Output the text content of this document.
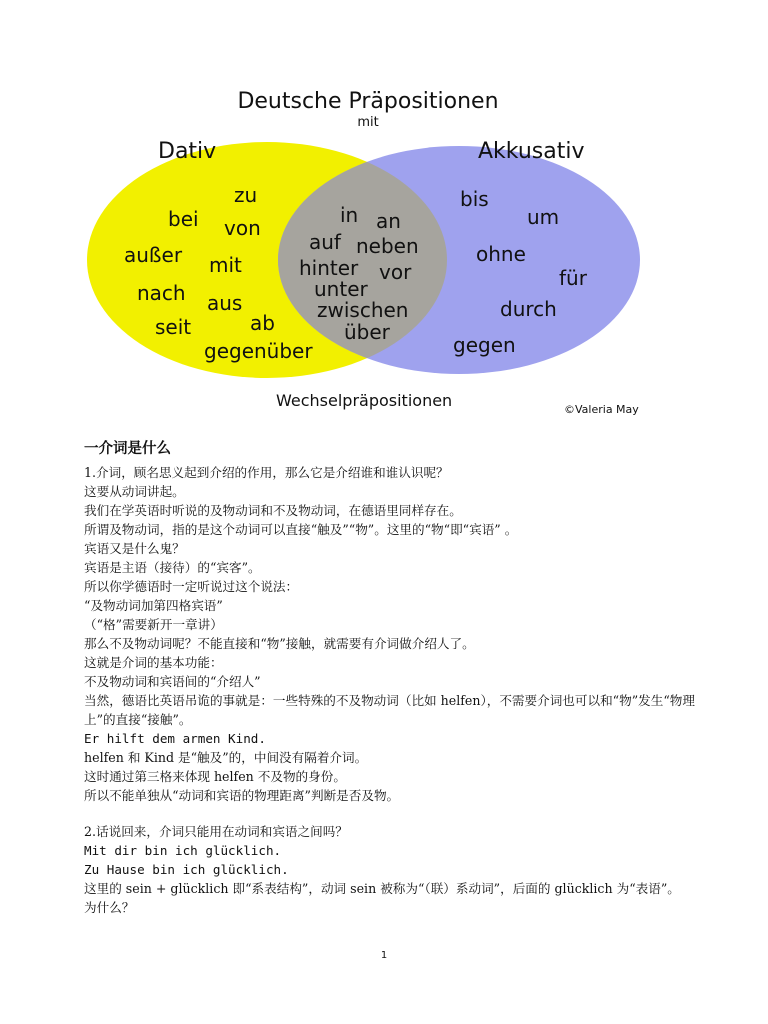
Deutsche Präpositionen
mit
Dativ	Akkusativ
Wechselpräpositionen	©Valeria May
zu
bei von
außer mit
nach aus
ab
seit
gegenüber
in an
auf neben
hinter vor
unter
zwischen
über
bis
um
ohne
für
durch
gegen
一介词是什么
1.介词，顾名思义起到介绍的作用，那么它是介绍谁和谁认识呢？
这要从动词讲起。
我们在学英语时听说的及物动词和不及物动词，在德语里同样存在。
所谓及物动词，指的是这个动词可以直接“触及”“物”。这里的“物“即“宾语” 。
宾语又是什么鬼？
宾语是主语（接待）的“宾客”。
所以你学德语时一定听说过这个说法：
“及物动词加第四格宾语”
（“格”需要新开一章讲）
那么不及物动词呢？不能直接和“物”接触，就需要有介词做介绍人了。
这就是介词的基本功能：
不及物动词和宾语间的“介绍人”
当然，德语比英语吊诡的事就是：一些特殊的不及物动词（比如 helfen），不需要介词也可以和“物”发生“物理上”的直接“接触”。
Er hilft dem armen Kind.
helfen 和 Kind 是“触及”的，中间没有隔着介词。
这时通过第三格来体现 helfen 不及物的身份。
所以不能单独从“动词和宾语的物理距离”判断是否及物。
2.话说回来，介词只能用在动词和宾语之间吗？
Mit dir bin ich glücklich.
Zu Hause bin ich glücklich.
这里的 sein + glücklich 即“系表结构”，动词 sein 被称为“（联）系动词”，后面的 glücklich 为“表语”。
为什么？
1
